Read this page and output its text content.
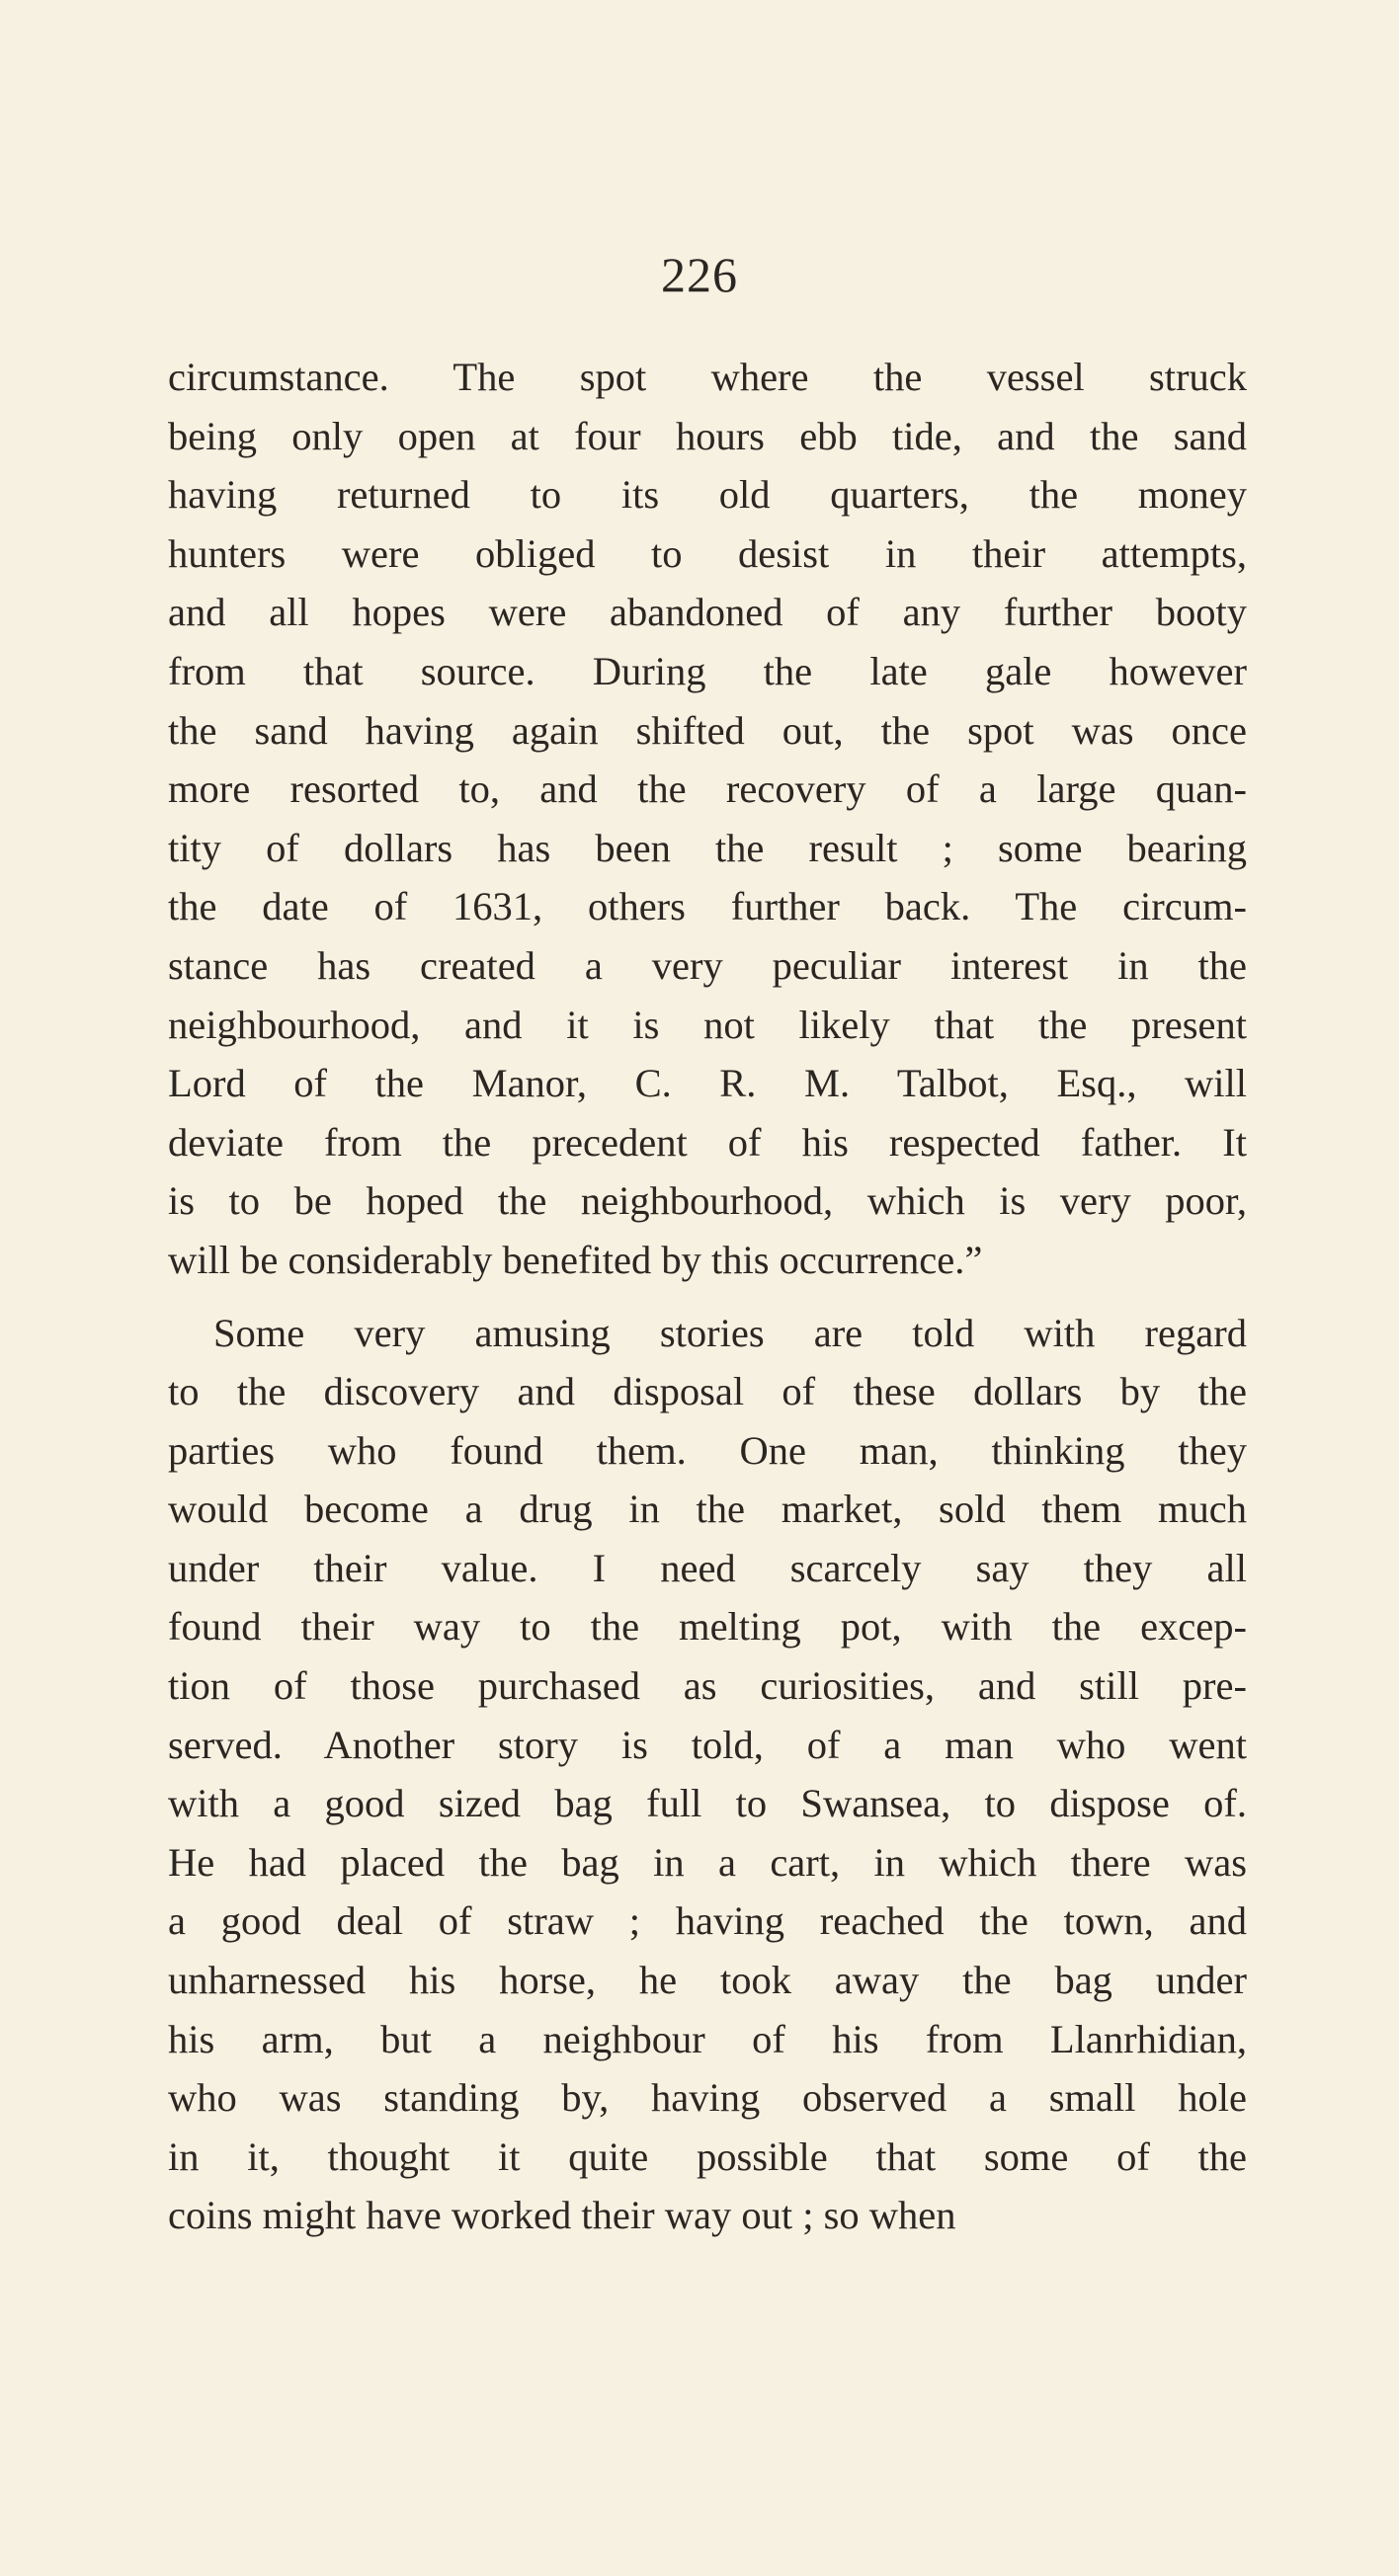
226
circumstance. The spot where the vessel struck
being only open at four hours ebb tide, and the sand
having returned to its old quarters, the money
hunters were obliged to desist in their attempts,
and all hopes were abandoned of any further booty
from that source. During the late gale however
the sand having again shifted out, the spot was once
more resorted to, and the recovery of a large quan-
tity of dollars has been the result ; some bearing
the date of 1631, others further back. The circum-
stance has created a very peculiar interest in the
neighbourhood, and it is not likely that the present
Lord of the Manor, C. R. M. Talbot, Esq., will
deviate from the precedent of his respected father. It
is to be hoped the neighbourhood, which is very poor,
will be considerably benefited by this occurrence.”
Some very amusing stories are told with regard
to the discovery and disposal of these dollars by the
parties who found them. One man, thinking they
would become a drug in the market, sold them much
under their value. I need scarcely say they all
found their way to the melting pot, with the excep-
tion of those purchased as curiosities, and still pre-
served. Another story is told, of a man who went
with a good sized bag full to Swansea, to dispose of.
He had placed the bag in a cart, in which there was
a good deal of straw ; having reached the town, and
unharnessed his horse, he took away the bag under
his arm, but a neighbour of his from Llanrhidian,
who was standing by, having observed a small hole
in it, thought it quite possible that some of the
coins might have worked their way out ; so when
